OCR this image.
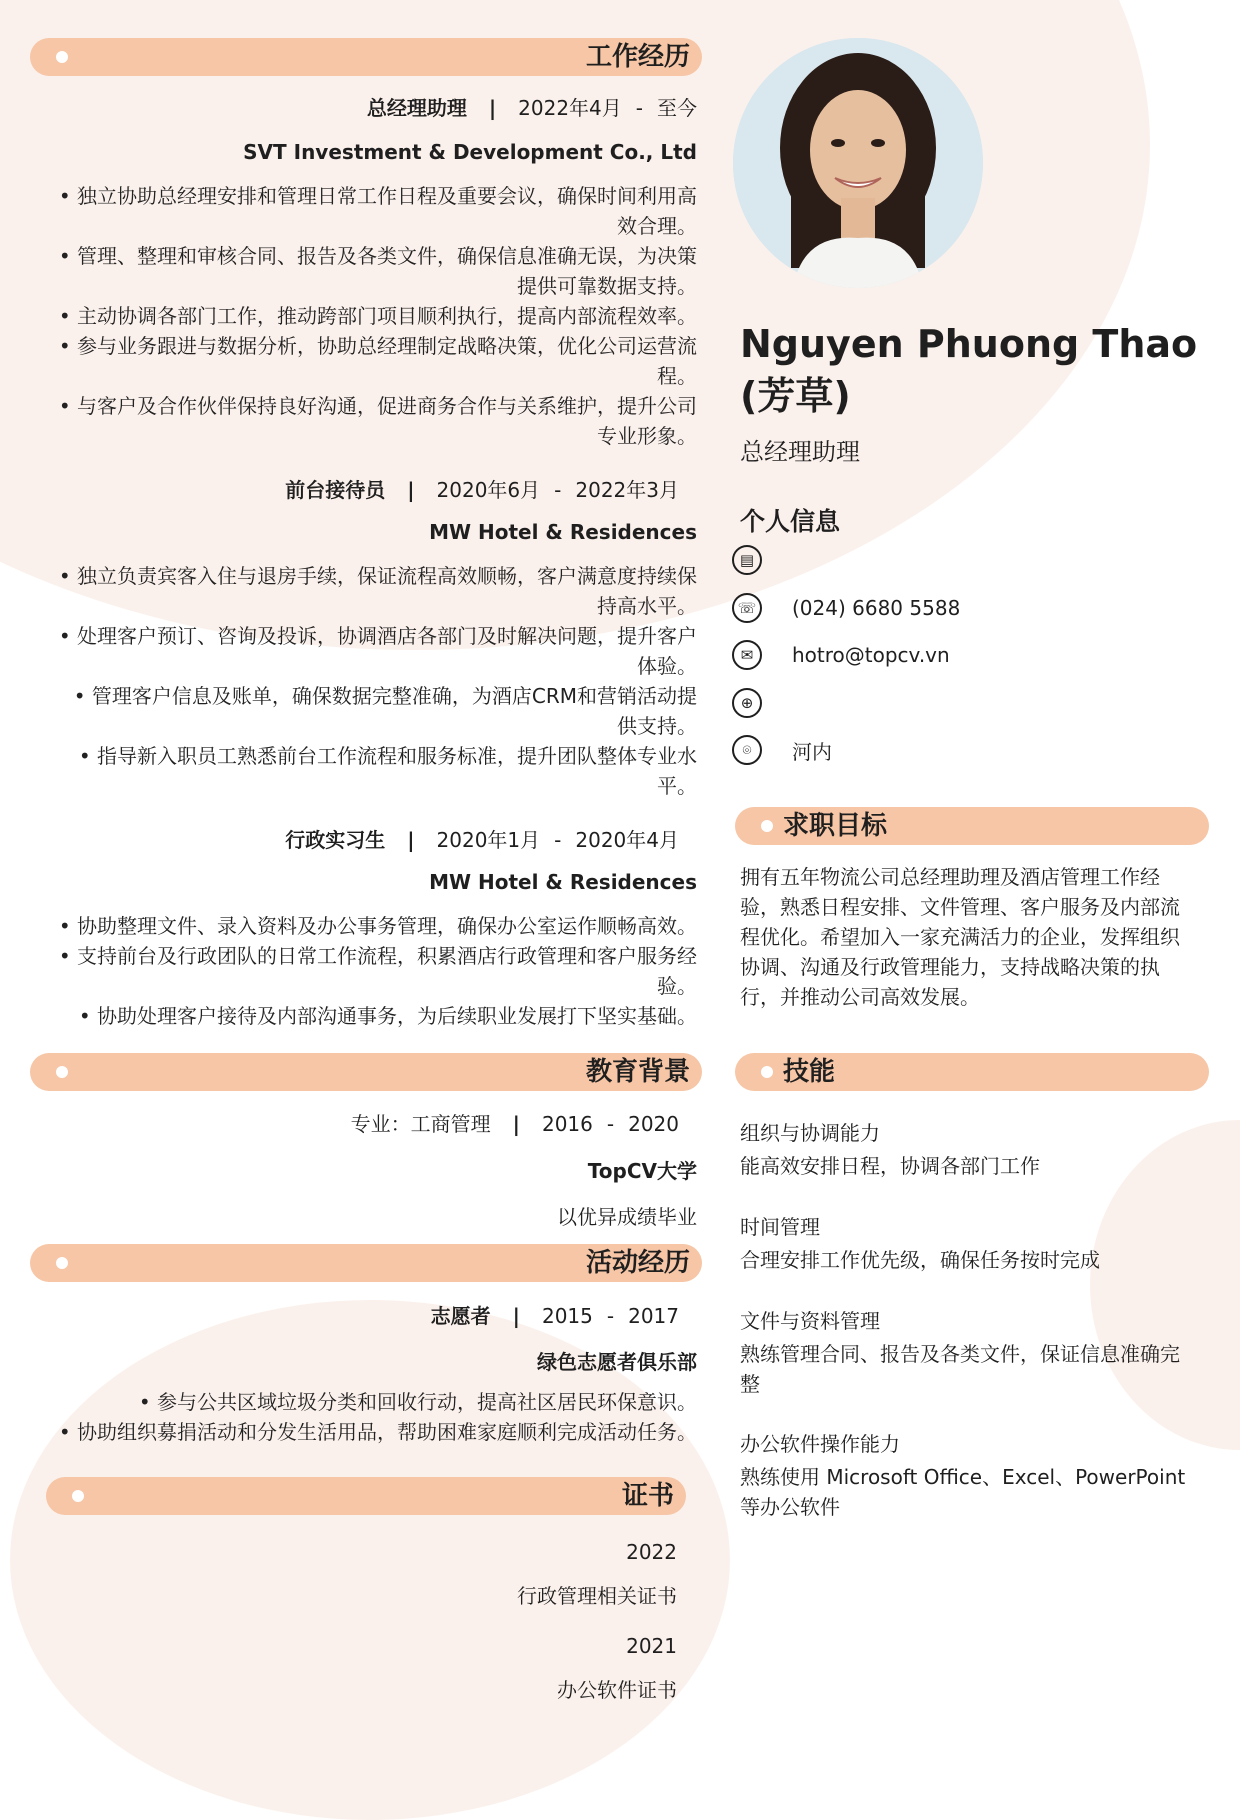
工作经历
总经理助理 | 2022年4月 - 至今
SVT Investment & Development Co., Ltd
• 独立协助总经理安排和管理日常工作日程及重要会议，确保时间利用高效合理。
• 管理、整理和审核合同、报告及各类文件，确保信息准确无误，为决策提供可靠数据支持。
• 主动协调各部门工作，推动跨部门项目顺利执行，提高内部流程效率。
• 参与业务跟进与数据分析，协助总经理制定战略决策，优化公司运营流程。
• 与客户及合作伙伴保持良好沟通，促进商务合作与关系维护，提升公司专业形象。
前台接待员 | 2020年6月 - 2022年3月
MW Hotel & Residences
• 独立负责宾客入住与退房手续，保证流程高效顺畅，客户满意度持续保持高水平。
• 处理客户预订、咨询及投诉，协调酒店各部门及时解决问题，提升客户体验。
• 管理客户信息及账单，确保数据完整准确，为酒店CRM和营销活动提供支持。
• 指导新入职员工熟悉前台工作流程和服务标准，提升团队整体专业水平。
行政实习生 | 2020年1月 - 2020年4月
MW Hotel & Residences
• 协助整理文件、录入资料及办公事务管理，确保办公室运作顺畅高效。
• 支持前台及行政团队的日常工作流程，积累酒店行政管理和客户服务经验。
• 协助处理客户接待及内部沟通事务，为后续职业发展打下坚实基础。
教育背景
专业：工商管理 | 2016 - 2020
TopCV大学
以优异成绩毕业
活动经历
志愿者 | 2015 - 2017
绿色志愿者俱乐部
• 参与公共区域垃圾分类和回收行动，提高社区居民环保意识。
• 协助组织募捐活动和分发生活用品，帮助困难家庭顺利完成活动任务。
证书
2022
行政管理相关证书
2021
办公软件证书
Nguyen Phuong Thao (芳草)
总经理助理
个人信息
▤
☏ (024) 6680 5588
✉	hotro@topcv.vn
⊕
⌾	河内
求职目标
拥有五年物流公司总经理助理及酒店管理工作经验，熟悉日程安排、文件管理、客户服务及内部流程优化。希望加入一家充满活力的企业，发挥组织协调、沟通及行政管理能力，支持战略决策的执行，并推动公司高效发展。
技能
组织与协调能力
能高效安排日程，协调各部门工作
时间管理
合理安排工作优先级，确保任务按时完成
文件与资料管理
熟练管理合同、报告及各类文件，保证信息准确完整
办公软件操作能力
熟练使用 Microsoft Office、Excel、PowerPoint 等办公软件
